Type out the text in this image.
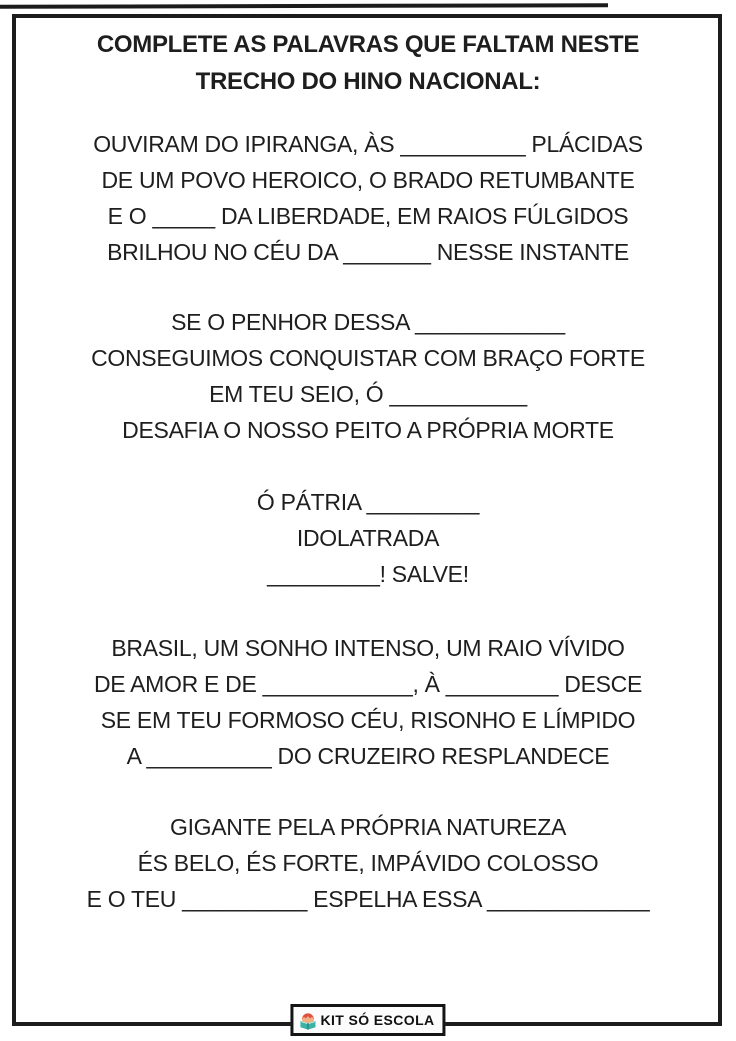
COMPLETE AS PALAVRAS QUE FALTAM NESTE
TRECHO DO HINO NACIONAL:

OUVIRAM DO IPIRANGA, ÀS __________ PLÁCIDAS

DE UM POVO HEROICO, O BRADO RETUMBANTE

E O _____ DA LIBERDADE, EM RAIOS FÚLGIDOS

BRILHOU NO CÉU DA _______ NESSE INSTANTE

SE O PENHOR DESSA ____________

CONSEGUIMOS CONQUISTAR COM BRAÇO FORTE

EM TEU SEIO, Ó ___________

DESAFIA O NOSSO PEITO A PRÓPRIA MORTE

Ó PÁTRIA _________

IDOLATRADA

_________! SALVE!

BRASIL, UM SONHO INTENSO, UM RAIO VÍVIDO

DE AMOR E DE ____________, À _________ DESCE

SE EM TEU FORMOSO CÉU, RISONHO E LÍMPIDO

A __________ DO CRUZEIRO RESPLANDECE

GIGANTE PELA PRÓPRIA NATUREZA

ÉS BELO, ÉS FORTE, IMPÁVIDO COLOSSO

E O TEU __________ ESPELHA ESSA _____________

KIT SÓ ESCOLA
